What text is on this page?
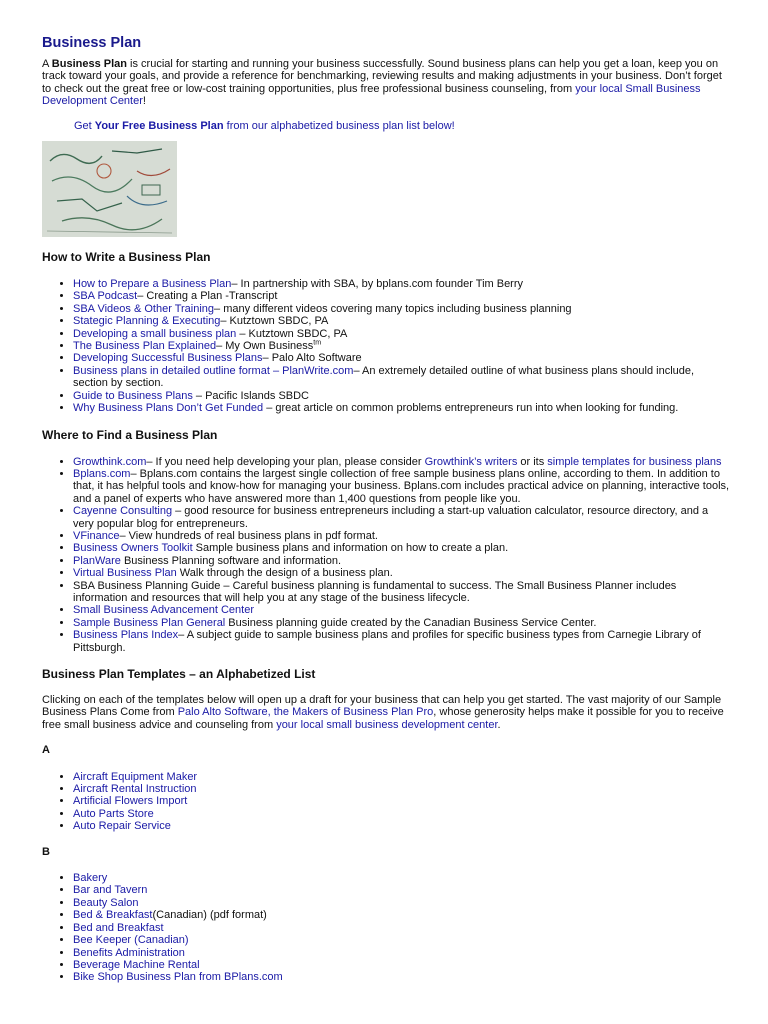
Business Plan

A Business Plan is crucial for starting and running your business successfully. Sound business plans can help you get a loan, keep you on track toward your goals, and provide a reference for benchmarking, reviewing results and making adjustments in your business. Don’t forget to check out the great free or low-cost training opportunities, plus free professional business counseling, from your local Small Business Development Center!

Get Your Free Business Plan from our alphabetized business plan list below!

How to Write a Business Plan
• How to Prepare a Business Plan– In partnership with SBA, by bplans.com founder Tim Berry
• SBA Podcast– Creating a Plan -Transcript
• SBA Videos & Other Training– many different videos covering many topics including business planning
• Stategic Planning & Executing– Kutztown SBDC, PA
• Developing a small business plan – Kutztown SBDC, PA
• The Business Plan Explained– My Own Business$^{tm}$
• Developing Successful Business Plans– Palo Alto Software
• Business plans in detailed outline format – PlanWrite.com– An extremely detailed outline of what business plans should include, section by section.
• Guide to Business Plans – Pacific Islands SBDC
• Why Business Plans Don’t Get Funded – great article on common problems entrepreneurs run into when looking for funding.
Where to Find a Business Plan
• Growthink.com– If you need help developing your plan, please consider Growthink’s writers or its simple templates for business plans
• Bplans.com– Bplans.com contains the largest single collection of free sample business plans online, according to them. In addition to that, it has helpful tools and know-how for managing your business. Bplans.com includes practical advice on planning, interactive tools, and a panel of experts who have answered more than 1,400 questions from people like you.
• Cayenne Consulting – good resource for business entrepreneurs including a start-up valuation calculator, resource directory, and a very popular blog for entrepreneurs.
• VFinance– View hundreds of real business plans in pdf format.
• Business Owners Toolkit Sample business plans and information on how to create a plan.
• PlanWare Business Planning software and information.
• Virtual Business Plan Walk through the design of a business plan.
• SBA Business Planning Guide – Careful business planning is fundamental to success. The Small Business Planner includes information and resources that will help you at any stage of the business lifecycle.
• Small Business Advancement Center
• Sample Business Plan General Business planning guide created by the Canadian Business Service Center.
• Business Plans Index– A subject guide to sample business plans and profiles for specific business types from Carnegie Library of Pittsburgh.
Business Plan Templates – an Alphabetized List

Clicking on each of the templates below will open up a draft for your business that can help you get started. The vast majority of our Sample Business Plans Come from Palo Alto Software, the Makers of Business Plan Pro, whose generosity helps make it possible for you to receive free small business advice and counseling from your local small business development center.

A
• Aircraft Equipment Maker
• Aircraft Rental Instruction
• Artificial Flowers Import
• Auto Parts Store
• Auto Repair Service
B
• Bakery
• Bar and Tavern
• Beauty Salon
• Bed & Breakfast(Canadian) (pdf format)
• Bed and Breakfast
• Bee Keeper (Canadian)
• Benefits Administration
• Beverage Machine Rental
• Bike Shop Business Plan from BPlans.com
